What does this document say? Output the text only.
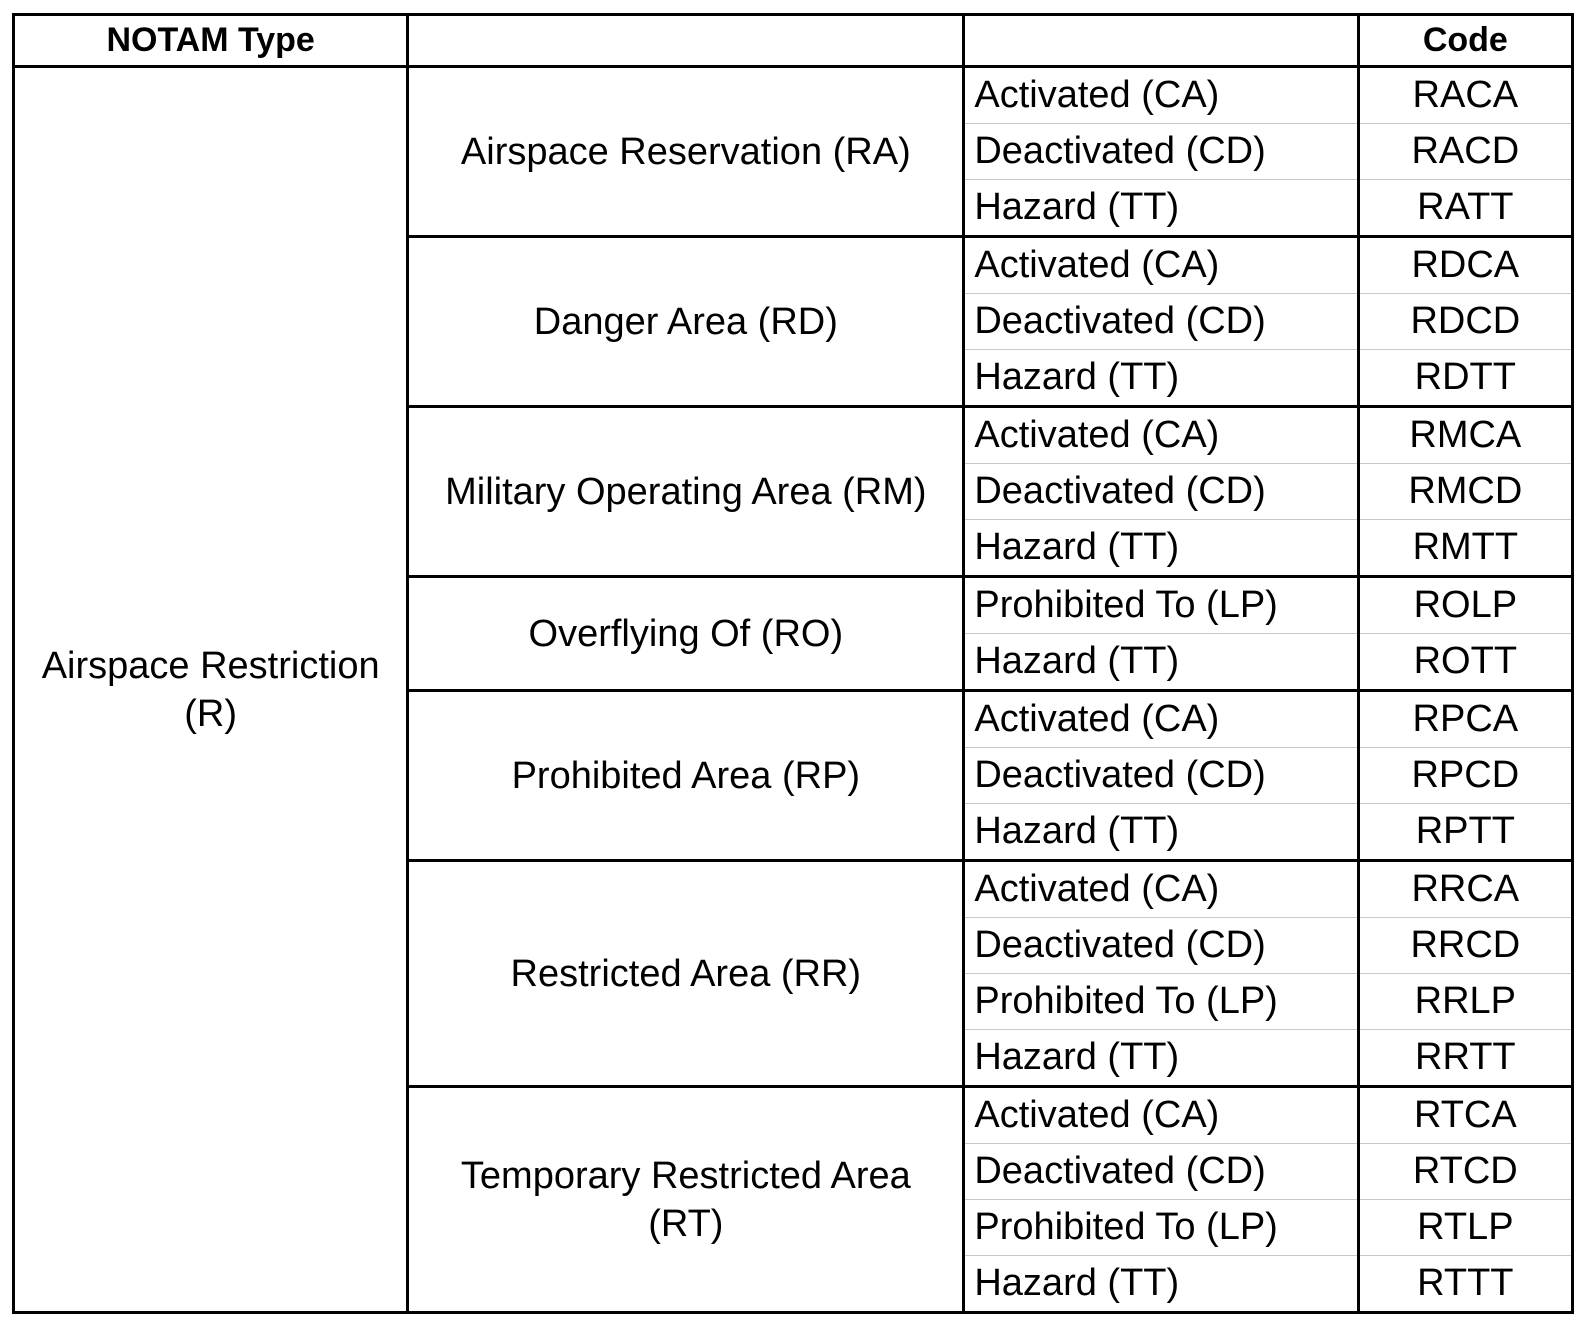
NOTAM Type			Code
Airspace Restriction
(R)	Airspace Reservation (RA)	Activated (CA)	RACA
		Deactivated (CD)	RACD
		Hazard (TT)	RATT
	Danger Area (RD)	Activated (CA)	RDCA
		Deactivated (CD)	RDCD
		Hazard (TT)	RDTT
	Military Operating Area (RM)	Activated (CA)	RMCA
		Deactivated (CD)	RMCD
		Hazard (TT)	RMTT
	Overflying Of (RO)	Prohibited To (LP)	ROLP
		Hazard (TT)	ROTT
	Prohibited Area (RP)	Activated (CA)	RPCA
		Deactivated (CD)	RPCD
		Hazard (TT)	RPTT
	Restricted Area (RR)	Activated (CA)	RRCA
		Deactivated (CD)	RRCD
		Prohibited To (LP)	RRLP
		Hazard (TT)	RRTT
	Temporary Restricted Area (RT)	Activated (CA)	RTCA
		Deactivated (CD)	RTCD
		Prohibited To (LP)	RTLP
		Hazard (TT)	RTTT
